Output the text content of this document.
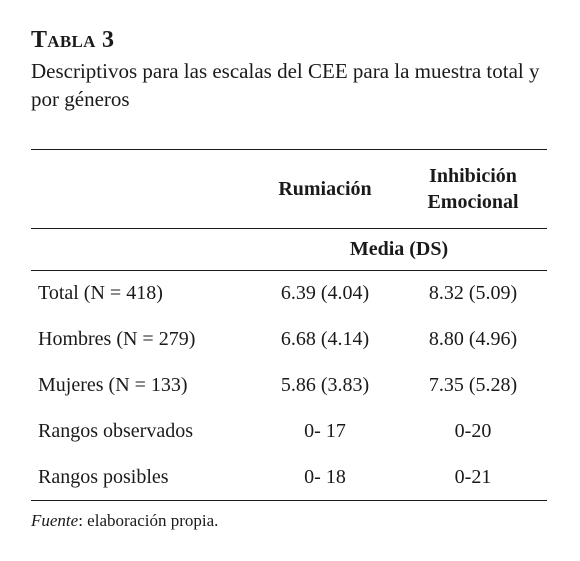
Tabla 3
Descriptivos para las escalas del CEE para la muestra total y por géneros
	Rumiación	Inhibición Emocional
	Media (DS)	
Total (N = 418)	6.39 (4.04)	8.32 (5.09)
Hombres (N = 279)	6.68 (4.14)	8.80 (4.96)
Mujeres (N = 133)	5.86 (3.83)	7.35 (5.28)
Rangos observados	0- 17	0-20
Rangos posibles	0- 18	0-21
Fuente: elaboración propia.
